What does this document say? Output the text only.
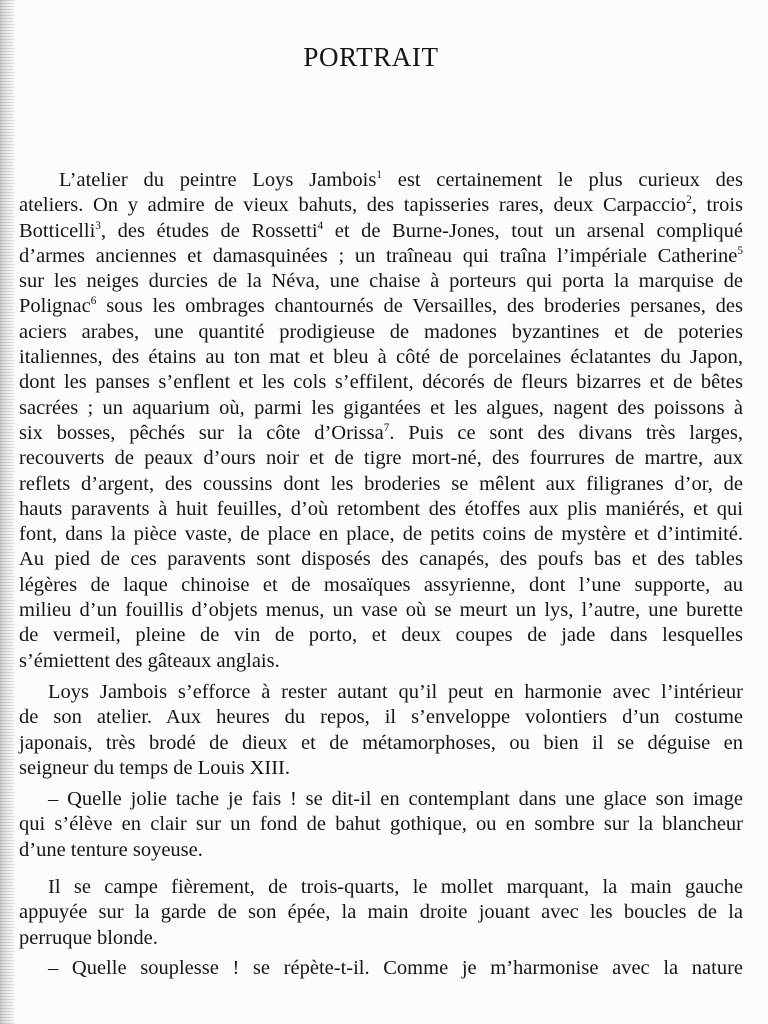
PORTRAIT
L’atelier du peintre Loys Jambois$^1$ est certainement le plus curieux des
ateliers. On y admire de vieux bahuts, des tapisseries rares, deux Carpaccio$^2$, trois
Botticelli$^3$, des études de Rossetti$^4$ et de Burne-Jones, tout un arsenal compliqué
d’armes anciennes et damasquinées ; un traîneau qui traîna l’impériale Catherine$^5$
sur les neiges durcies de la Néva, une chaise à porteurs qui porta la marquise de
Polignac$^6$ sous les ombrages chantournés de Versailles, des broderies persanes, des
aciers arabes, une quantité prodigieuse de madones byzantines et de poteries
italiennes, des étains au ton mat et bleu à côté de porcelaines éclatantes du Japon,
dont les panses s’enflent et les cols s’effilent, décorés de fleurs bizarres et de bêtes
sacrées ; un aquarium où, parmi les gigantées et les algues, nagent des poissons à
six bosses, pêchés sur la côte d’Orissa$^7$. Puis ce sont des divans très larges,
recouverts de peaux d’ours noir et de tigre mort-né, des fourrures de martre, aux
reflets d’argent, des coussins dont les broderies se mêlent aux filigranes d’or, de
hauts paravents à huit feuilles, d’où retombent des étoffes aux plis maniérés, et qui
font, dans la pièce vaste, de place en place, de petits coins de mystère et d’intimité.
Au pied de ces paravents sont disposés des canapés, des poufs bas et des tables
légères de laque chinoise et de mosaïques assyrienne, dont l’une supporte, au
milieu d’un fouillis d’objets menus, un vase où se meurt un lys, l’autre, une burette
de vermeil, pleine de vin de porto, et deux coupes de jade dans lesquelles
s’émiettent des gâteaux anglais.
Loys Jambois s’efforce à rester autant qu’il peut en harmonie avec l’intérieur
de son atelier. Aux heures du repos, il s’enveloppe volontiers d’un costume
japonais, très brodé de dieux et de métamorphoses, ou bien il se déguise en
seigneur du temps de Louis XIII.
– Quelle jolie tache je fais ! se dit-il en contemplant dans une glace son image
qui s’élève en clair sur un fond de bahut gothique, ou en sombre sur la blancheur
d’une tenture soyeuse.
Il se campe fièrement, de trois-quarts, le mollet marquant, la main gauche
appuyée sur la garde de son épée, la main droite jouant avec les boucles de la
perruque blonde.
– Quelle souplesse ! se répète-t-il. Comme je m’harmonise avec la nature
